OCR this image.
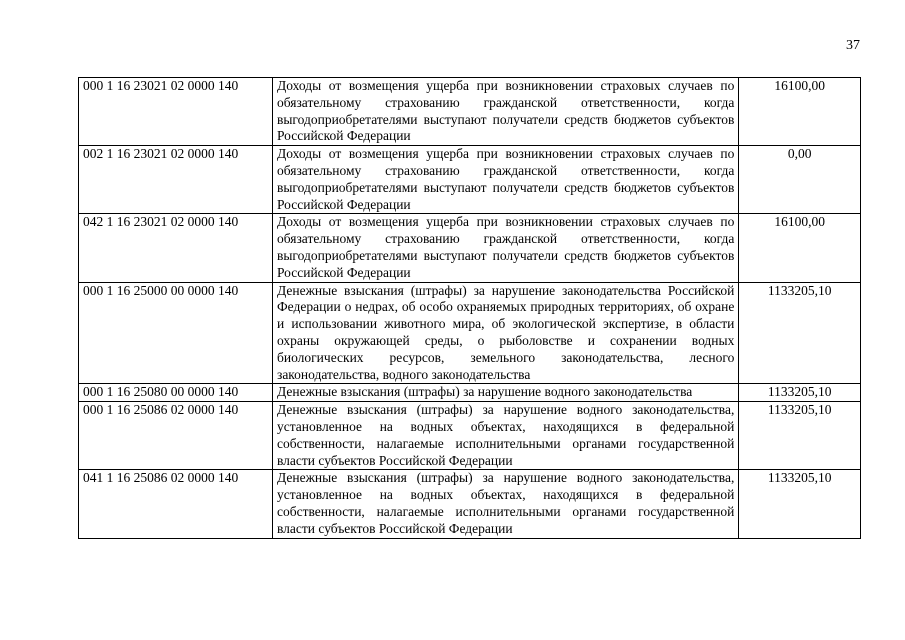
37
000 1 16 23021 02 0000 140	Доходы от возмещения ущерба при возникновении страховых случаев по обязательному страхованию гражданской ответственности, когда выгодоприобретателями выступают получатели средств бюджетов субъектов Российской Федерации	16100,00
002 1 16 23021 02 0000 140	Доходы от возмещения ущерба при возникновении страховых случаев по обязательному страхованию гражданской ответственности, когда выгодоприобретателями выступают получатели средств бюджетов субъектов Российской Федерации	0,00
042 1 16 23021 02 0000 140	Доходы от возмещения ущерба при возникновении страховых случаев по обязательному страхованию гражданской ответственности, когда выгодоприобретателями выступают получатели средств бюджетов субъектов Российской Федерации	16100,00
000 1 16 25000 00 0000 140	Денежные взыскания (штрафы) за нарушение законодательства Российской Федерации о недрах, об особо охраняемых природных территориях, об охране и использовании животного мира, об экологической экспертизе, в области охраны окружающей среды, о рыболовстве и сохранении водных биологических ресурсов, земельного законодательства, лесного законодательства, водного законодательства	1133205,10
000 1 16 25080 00 0000 140	Денежные взыскания (штрафы) за нарушение водного законодательства	1133205,10
000 1 16 25086 02 0000 140	Денежные взыскания (штрафы) за нарушение водного законодательства, установленное на водных объектах, находящихся в федеральной собственности, налагаемые исполнительными органами государственной власти субъектов Российской Федерации	1133205,10
041 1 16 25086 02 0000 140	Денежные взыскания (штрафы) за нарушение водного законодательства, установленное на водных объектах, находящихся в федеральной собственности, налагаемые исполнительными органами государственной власти субъектов Российской Федерации	1133205,10
